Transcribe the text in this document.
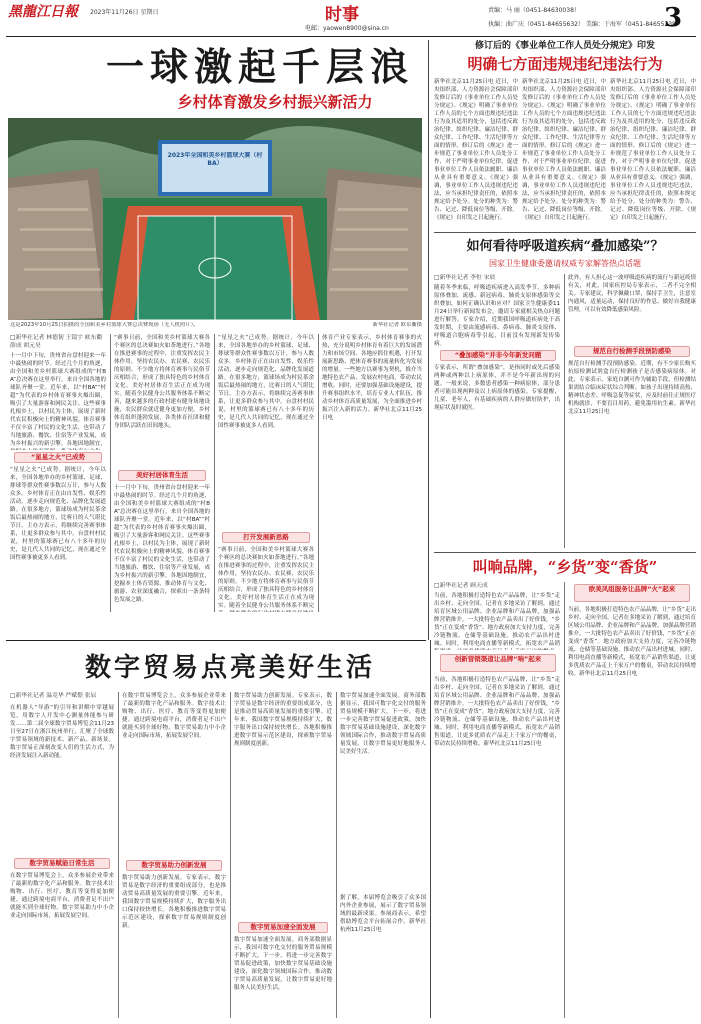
黑龍江日報	2023年11月26日 星期日	时事
电邮：yaowen8900@sina.cn
责编：马 丽（0451-84630038）
执编：曲广庆（0451-84655632） 美编：于海军（0451-84655238）
3
一球激起千层浪
乡村体育激发乡村振兴新活力
2023年全国和美乡村篮球大赛（村BA）
这是2023年10月25日拍摄的全国和美乡村篮球大赛总决赛现场（无人机照片）。	新华社记者 欧东衢摄
□新华社记者 林德韧 王镜宇 欧东衢 薛成 胡元昊
十一月中下旬，贵州省台盘村迎来一年中最热闹的时节。经过几个月的角逐，由全国和美乡村篮球大赛组成的“村BA”总决赛在这里举行，来自全国各地的球队齐聚一堂。近年来，以“村BA”“村超”为代表的乡村体育赛事火爆出圈，吸引了大量游客和网民关注。这些赛事扎根乡土，以村民为主体，展现了新时代农民积极向上的精神风貌。体育赛事不仅丰富了村民的文化生活，也带动了当地旅游、餐饮、住宿等产业发展，成为乡村振兴的新引擎。各地因地制宜，
“星星之火”已成势
“星星之火”已成势。据统计，今年以来，全国各地举办的乡村篮球、足球、排球等群众性赛事数以万计，参与人数众多。乡村体育正在由自发性、娱乐性活动，逐步走向规范化、品牌化发展道路。在很多地方，篮球场成为村民茶余饭后最热闹的地方，比赛日的人气堪比节日。主办方表示，将继续完善赛事体系，让更多群众参与其中。台盘村村民说，村里的篮球赛已有八十多年的历史，是几代人共同的记忆，现在通过全国性赛事被更多人看到。
“赛事日前，全国和美乡村篮球大赛各个赛区的总决赛如火如荼地进行。”各地在推进赛事的过程中，注重发挥农民主体作用，坚持农民办、农民赛、农民乐的原则。不少地方将体育赛事与民俗节庆相结合，形成了独具特色的乡村体育文化。美好村居体育生活正在成为现实。随着全民健身公共服务体系不断完善，越来越多的行政村建有健身场地设施，农民群众就近健身更加方便。乡村体育组织蓬勃发展，各类体育社团和健身团队活跃在田间地头。
美好村居体育生活
十一月中下旬，贵州省台盘村迎来一年中最热闹的时节。经过几个月的角逐，由全国和美乡村篮球大赛组成的“村BA”总决赛在这里举行，来自全国各地的球队齐聚一堂。近年来，以“村BA”“村超”为代表的乡村体育赛事火爆出圈，吸引了大量游客和网民关注。这些赛事扎根乡土，以村民为主体，展现了新时代农民积极向上的精神风貌。体育赛事不仅丰富了村民的文化生活，也带动了当地旅游、餐饮、住宿等产业发展，成为乡村振兴的新引擎。各地因地制宜，挖掘本土体育资源，推动体育与文化、旅游、农业深度融合，探索出一条条特色发展之路。
“星星之火”已成势。据统计，今年以来，全国各地举办的乡村篮球、足球、排球等群众性赛事数以万计，参与人数众多。乡村体育正在由自发性、娱乐性活动，逐步走向规范化、品牌化发展道路。在很多地方，篮球场成为村民茶余饭后最热闹的地方，比赛日的人气堪比节日。主办方表示，将继续完善赛事体系，让更多群众参与其中。台盘村村民说，村里的篮球赛已有八十多年的历史，是几代人共同的记忆，现在通过全国性赛事被更多人看到。
打开发展新思路
“赛事日前，全国和美乡村篮球大赛各个赛区的总决赛如火如荼地进行。”各地在推进赛事的过程中，注重发挥农民主体作用，坚持农民办、农民赛、农民乐的原则。不少地方将体育赛事与民俗节庆相结合，形成了独具特色的乡村体育文化。美好村居体育生活正在成为现实。随着全民健身公共服务体系不断完
体育产业专家表示，乡村体育赛事的火热，充分说明乡村体育有着巨大的发展潜力和市场空间。各地应抓住机遇，打开发展新思路，把体育赛事的流量转化为发展的增量。一些地方以赛事为契机，推介当地特色农产品，发展农村电商，带动农民增收。同时，还要加强基础设施建设，提升赛事组织水平，培育专业人才队伍，推动乡村体育高质量发展，为全面推进乡村振兴注入新的活力。新华社北京11月25日电
修订后的《事业单位工作人员处分规定》印发
明确七方面违规违纪违法行为
新华社北京11月25日电 近日，中央组织部、人力资源社会保障部印发修订后的《事业单位工作人员处分规定》。《规定》明确了事业单位工作人员的七个方面违规违纪违法行为及其适用的处分，包括违反政治纪律、组织纪律、廉洁纪律、群众纪律、工作纪律、生活纪律等方面的情形。修订后的《规定》进一步规范了事业单位工作人员处分工作，对于严明事业单位纪律，促进事业单位工作人员依法履职、廉洁从业具有重要意义。《规定》强调，事业单位工作人员违规违纪违法，应当承担纪律责任的，依照本规定给予处分。处分的种类为：警告、记过、降低岗位等级、开除。《规定》自印发之日起施行。
新华社北京11月25日电 近日，中央组织部、人力资源社会保障部印发修订后的《事业单位工作人员处分规定》。《规定》明确了事业单位工作人员的七个方面违规违纪违法行为及其适用的处分，包括违反政治纪律、组织纪律、廉洁纪律、群众纪律、工作纪律、生活纪律等方面的情形。修订后的《规定》进一步规范了事业单位工作人员处分工作，对于严明事业单位纪律，促进事业单位工作人员依法履职、廉洁从业具有重要意义。《规定》强调，事业单位工作人员违规违纪违法，应当承担纪律责任的，依照本规定给予处分。处分的种类为：警告、记过、降低岗位等级、开除。《规定》自印发之日起施行。
新华社北京11月25日电 近日，中央组织部、人力资源社会保障部印发修订后的《事业单位工作人员处分规定》。《规定》明确了事业单位工作人员的七个方面违规违纪违法行为及其适用的处分，包括违反政治纪律、组织纪律、廉洁纪律、群众纪律、工作纪律、生活纪律等方面的情形。修订后的《规定》进一步规范了事业单位工作人员处分工作，对于严明事业单位纪律，促进事业单位工作人员依法履职、廉洁从业具有重要意义。《规定》强调，事业单位工作人员违规违纪违法，应当承担纪律责任的，依照本规定给予处分。处分的种类为：警告、记过、降低岗位等级、开除。《规定》自印发之日起施行。
如何看待呼吸道疾病“叠加感染”？
国家卫生健康委邀请权威专家解答热点话题
□新华社记者 李恒 宋晨
随着冬季来临，呼吸道疾病进入高发季节。多种病原体叠加，流感、新冠病毒、肺炎支原体感染等交织叠加，如何正确认识和应对？国家卫生健康委11月24日举行新闻发布会，邀请专家就相关热点问题进行解答。专家介绍，近期我国呼吸道疾病处于高发时期，主要由流感病毒、鼻病毒、肺炎支原体、呼吸道合胞病毒等引起，目前没有发现新发传染病。
“叠加感染”并非今年新发问题
专家表示，所谓“叠加感染”，是指同时或先后感染两种或两种以上病原体，并不是今年新出现的问题。一般来说，多数患者感染一种病原体，部分患者可能出现两种及以上病原体的感染。专家提醒，儿童、老年人、有基础疾病的人群应做好防护，出现症状及时就医。
此外，有人担心这一波呼吸道疾病的流行与新冠疫情有关，对此，国家疾控局专家表示，二者不完全相关。专家建议，科学佩戴口罩，保持手卫生，注意室内通风，适量运动，保持良好的作息，做好自我健康管理，可以有效降低感染风险。
规范自行检测手段预防感染
规范自行检测手段预防感染。近期，有不少家长购买抗原检测试剂盒自行检测孩子是否感染病原体。对此，专家表示，家庭自测可作为辅助手段，但检测结果需结合临床症状综合判断。如孩子出现持续高热、精神状态差、呼吸急促等症状，应及时前往正规医疗机构就诊，不要盲目用药，避免滥用抗生素。新华社北京11月25日电
叫响品牌，“乡货”变“香货”
□新华社记者 顾天成
当前，各地积极打造特色农产品品牌，让“乡货”走出乡村、走向全国。记者在多地采访了解到，通过培育区域公用品牌、企业品牌和产品品牌，加强品牌营销推介，一大批特色农产品卖出了好价钱，“乡货”正在变成“香货”。地方政府加大支持力度，完善冷链物流、仓储等基础设施，推动农产品出村进城。同时，利用电商直播等新模式，拓宽农产品销
欧美风组服务让品牌“火”起来
当前，各地积极打造特色农产品品牌，让“乡货”走出乡村、走向全国。记者在多地采访了解到，通过培育区域公用品牌、企业品牌和产品品牌，加强品牌营销推介，一大批特色农产品卖出了好价钱，“乡货”正在变成“香货”。地方政府加大支持力度，完善冷链物流、仓储等基础设施，推动农产品出村进城。同时，利用电商直播等新模式，拓宽农产品销售渠道，让更多优质农产品走上千家万户的餐桌，带动农民持续增收。新华社北京11月25日电
数字贸易点亮美好生活
□新华社记者 温竞华 严赋憬 张辰
在机器人“导游”的引导和讲解中穿越展览，用数字人开发中心测量体能参与研发……第二届全球数字贸易博览会11月23日至27日在浙江杭州举行，汇聚了全球数字贸易领域的新技术、新产品、新场景。数字贸易正深刻改变人们的生活方式，为经济发展注入新动能。
数字贸易赋能日常生活
在数字贸易博览会上，众多参展企业带来了最新的数字化产品和服务。数字技术让购物、出行、医疗、教育等变得更加便捷。通过跨境电商平台，消费者足不出户就能买到全球好物。数字贸易助力中小企业走向国际市场，拓展发展空间。
在数字贸易博览会上，众多参展企业带来了最新的数字化产品和服务。数字技术让购物、出行、医疗、教育等变得更加便捷。通过跨境电商平台，消费者足不出户就能买到全球好物。数字贸易助力中小企业走向国际市场，拓展发展空间。
数字贸易助力创新发展
数字贸易助力创新发展。专家表示，数字贸易是数字经济的重要组成部分，也是推动贸易高质量发展的重要引擎。近年来，我国数字贸易规模持续扩大，数字服务出口保持较快增长。各地积极推进数字贸易示范区建设，探索数字贸易规则制度创新。
数字贸易助力创新发展。专家表示，数字贸易是数字经济的重要组成部分，也是推动贸易高质量发展的重要引擎。近年来，我国数字贸易规模持续扩大，数字服务出口保持较快增长。各地积极推进数字贸易示范区建设，探索数字贸易规则制度创新。
数字贸易加速全面发展
数字贸易加速全面发展。商务部数据显示，我国可数字化交付的服务贸易规模不断扩大。下一步，将进一步完善数字贸易促进政策，加快数字贸易基础设施建设，深化数字领域国际合作，推动数字贸易高质量发展，让数字贸易更好地服务人民美好生活。
数字贸易加速全面发展。商务部数据显示，我国可数字化交付的服务贸易规模不断扩大。下一步，将进一步完善数字贸易促进政策，加快数字贸易基础设施建设，深化数字领域国际合作，推动数字贸易高质量发展，让数字贸易更好地服务人民美好生活。
据了解，本届博览会吸引了众多国内外企业参展，展示了数字贸易领域的最新成果。参展商表示，希望借助博览会平台拓展合作。新华社杭州11月25日电
创新营销渠道让品牌“响”起来
当前，各地积极打造特色农产品品牌，让“乡货”走出乡村、走向全国。记者在多地采访了解到，通过培育区域公用品牌、企业品牌和产品品牌，加强品牌营销推介，一大批特色农产品卖出了好价钱，“乡货”正在变成“香货”。地方政府加大支持力度，完善冷链物流、仓储等基础设施，推动农产品出村进城。同时，利用电商直播等新模式，拓宽农产品销售渠道，让更多优质农产品走上千家万户的餐桌，带动农民持续增收。新华社北京11月25日电
